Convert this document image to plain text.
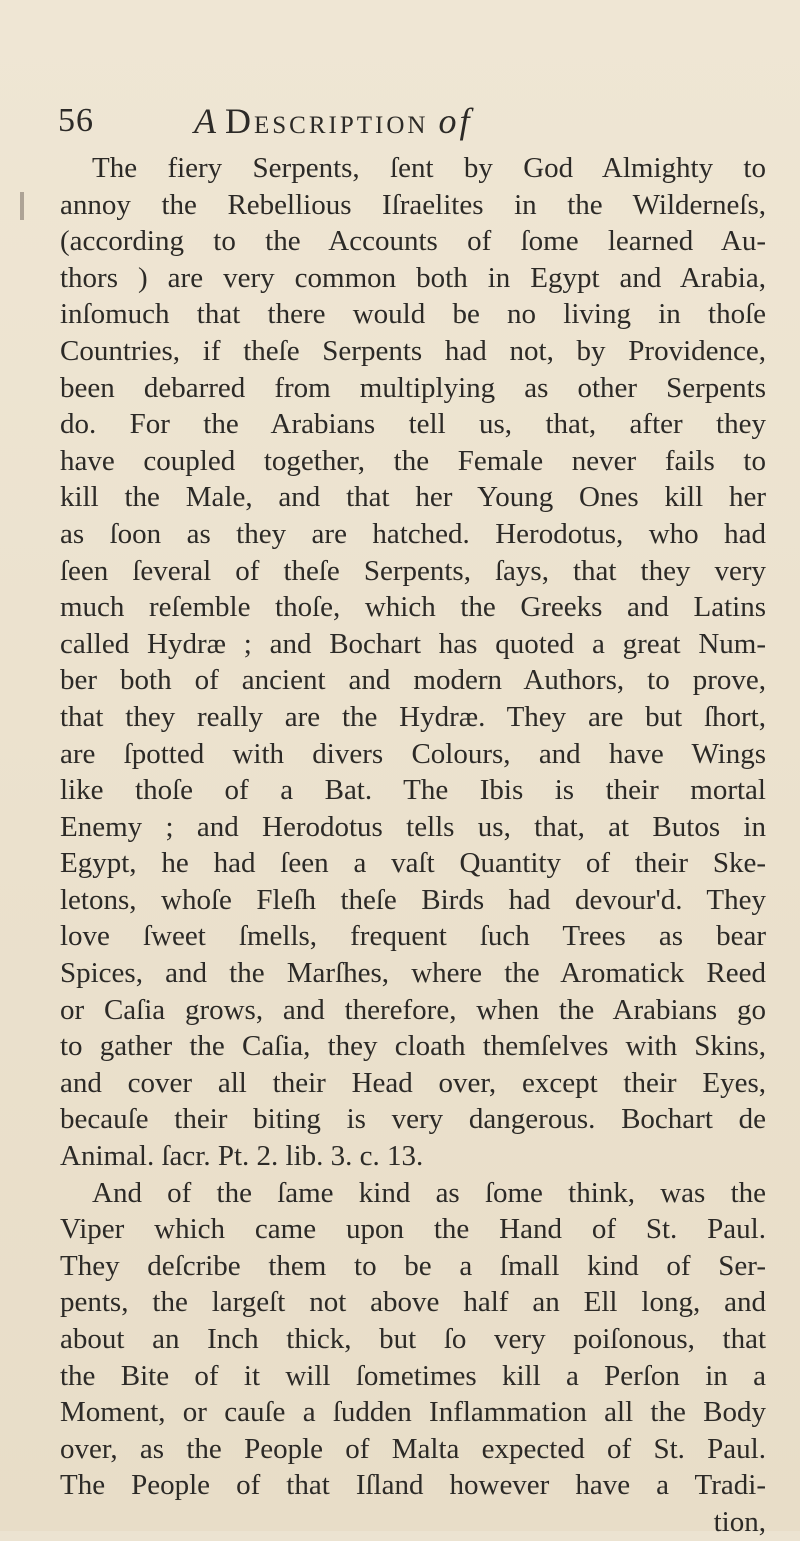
56	A Description of
The fiery Serpents, ſent by God Almighty to
annoy the Rebellious Iſraelites in the Wilderneſs,
(according to the Accounts of ſome learned Au-
thors ) are very common both in Egypt and Arabia,
inſomuch that there would be no living in thoſe
Countries, if theſe Serpents had not, by Providence,
been debarred from multiplying as other Serpents
do. For the Arabians tell us, that, after they
have coupled together, the Female never fails to
kill the Male, and that her Young Ones kill her
as ſoon as they are hatched. Herodotus, who had
ſeen ſeveral of theſe Serpents, ſays, that they very
much reſemble thoſe, which the Greeks and Latins
called Hydræ ; and Bochart has quoted a great Num-
ber both of ancient and modern Authors, to prove,
that they really are the Hydræ. They are but ſhort,
are ſpotted with divers Colours, and have Wings
like thoſe of a Bat. The Ibis is their mortal
Enemy ; and Herodotus tells us, that, at Butos in
Egypt, he had ſeen a vaſt Quantity of their Ske-
letons, whoſe Fleſh theſe Birds had devour'd. They
love ſweet ſmells, frequent ſuch Trees as bear
Spices, and the Marſhes, where the Aromatick Reed
or Caſia grows, and therefore, when the Arabians go
to gather the Caſia, they cloath themſelves with Skins,
and cover all their Head over, except their Eyes,
becauſe their biting is very dangerous. Bochart de
Animal. ſacr. Pt. 2. lib. 3. c. 13.
And of the ſame kind as ſome think, was the
Viper which came upon the Hand of St. Paul.
They deſcribe them to be a ſmall kind of Ser-
pents, the largeſt not above half an Ell long, and
about an Inch thick, but ſo very poiſonous, that
the Bite of it will ſometimes kill a Perſon in a
Moment, or cauſe a ſudden Inflammation all the Body
over, as the People of Malta expected of St. Paul.
The People of that Iſland however have a Tradi-
tion,
